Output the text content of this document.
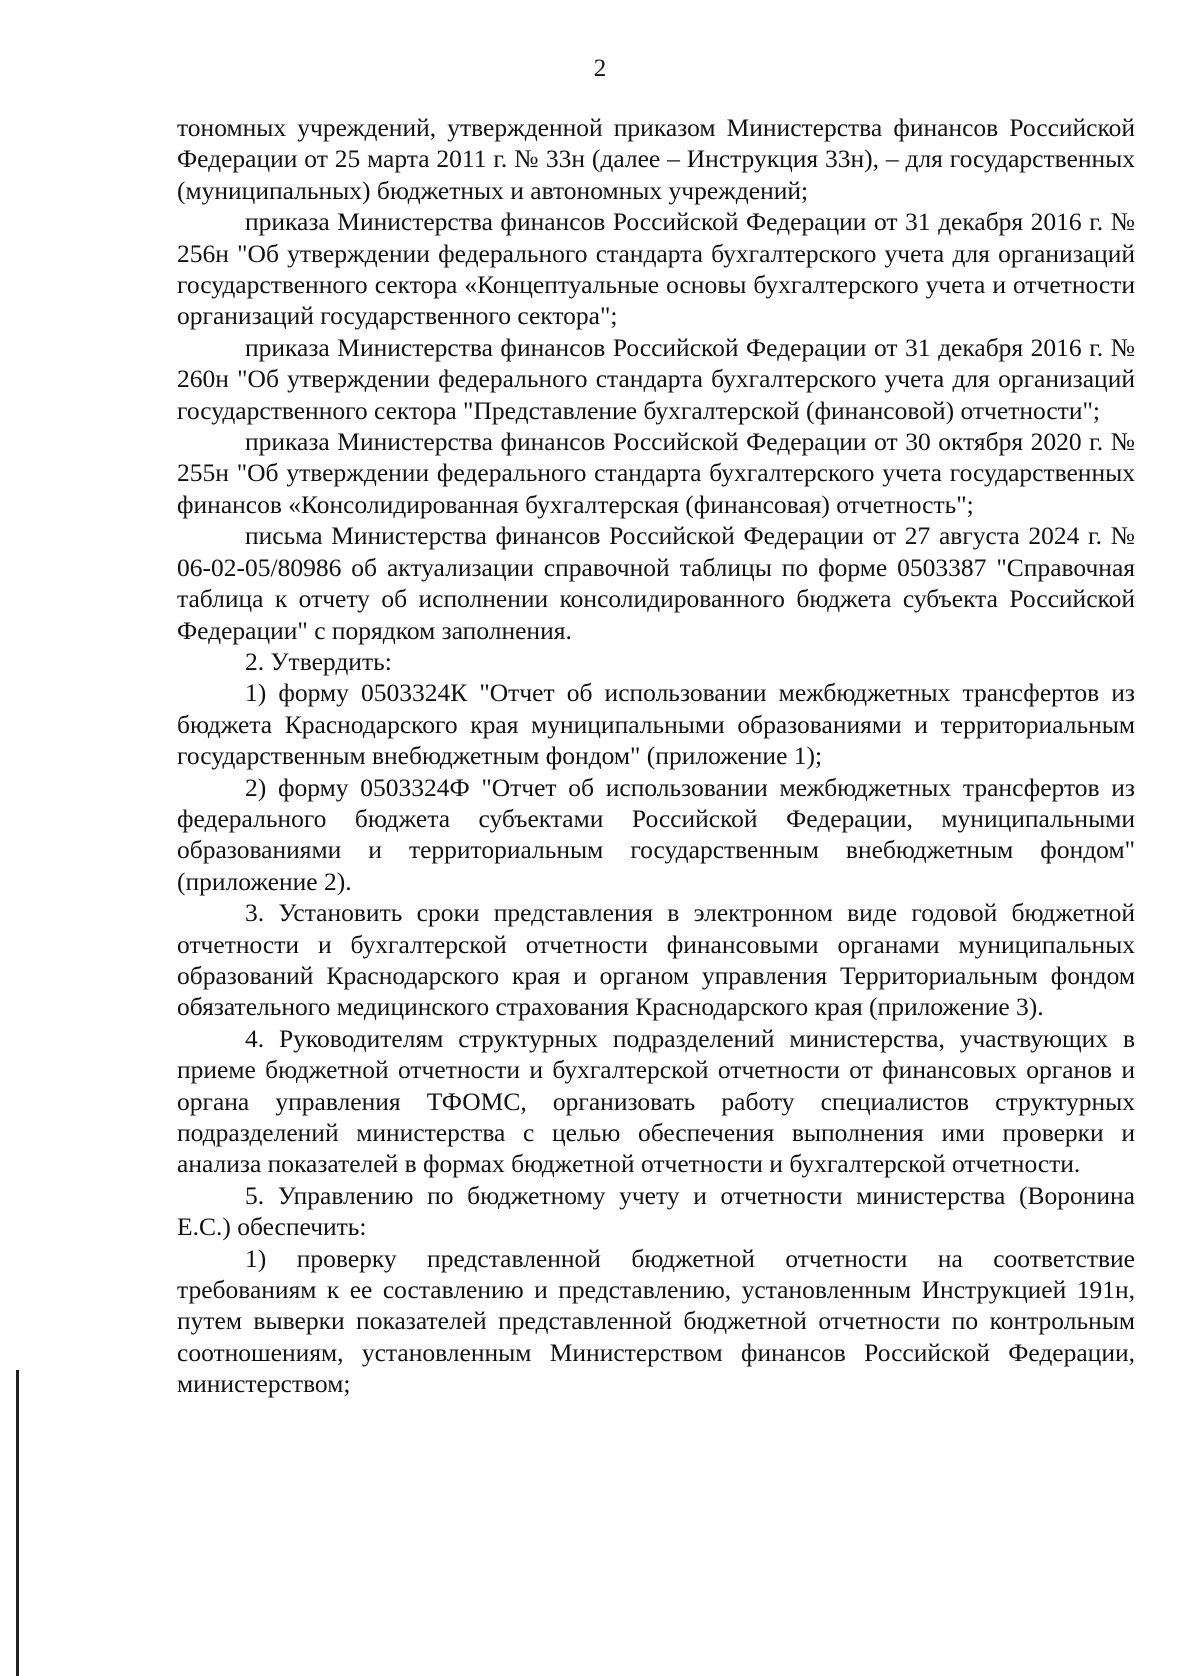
2

тономных учреждений, утвержденной приказом Министерства финансов Российской Федерации от 25 марта 2011 г. № 33н (далее – Инструкция 33н), – для государственных (муниципальных) бюджетных и автономных учреждений;

приказа Министерства финансов Российской Федерации от 31 декабря 2016 г. № 256н "Об утверждении федерального стандарта бухгалтерского учета для организаций государственного сектора «Концептуальные основы бухгалтерского учета и отчетности организаций государственного сектора";

приказа Министерства финансов Российской Федерации от 31 декабря 2016 г. № 260н "Об утверждении федерального стандарта бухгалтерского учета для организаций государственного сектора "Представление бухгалтерской (финансовой) отчетности";

приказа Министерства финансов Российской Федерации от 30 октября 2020 г. № 255н "Об утверждении федерального стандарта бухгалтерского учета государственных финансов «Консолидированная бухгалтерская (финансовая) отчетность";

письма Министерства финансов Российской Федерации от 27 августа 2024 г. № 06-02-05/80986 об актуализации справочной таблицы по форме 0503387 "Справочная таблица к отчету об исполнении консолидированного бюджета субъекта Российской Федерации" с порядком заполнения.

2. Утвердить:

1) форму 0503324К "Отчет об использовании межбюджетных трансфертов из бюджета Краснодарского края муниципальными образованиями и территориальным государственным внебюджетным фондом" (приложение 1);

2) форму 0503324Ф "Отчет об использовании межбюджетных трансфертов из федерального бюджета субъектами Российской Федерации, муниципальными образованиями и территориальным государственным внебюджетным фондом" (приложение 2).

3. Установить сроки представления в электронном виде годовой бюджетной отчетности и бухгалтерской отчетности финансовыми органами муниципальных образований Краснодарского края и органом управления Территориальным фондом обязательного медицинского страхования Краснодарского края (приложение 3).

4. Руководителям структурных подразделений министерства, участвующих в приеме бюджетной отчетности и бухгалтерской отчетности от финансовых органов и органа управления ТФОМС, организовать работу специалистов структурных подразделений министерства с целью обеспечения выполнения ими проверки и анализа показателей в формах бюджетной отчетности и бухгалтерской отчетности.

5. Управлению по бюджетному учету и отчетности министерства (Воронина Е.С.) обеспечить:

1) проверку представленной бюджетной отчетности на соответствие требованиям к ее составлению и представлению, установленным Инструкцией 191н, путем выверки показателей представленной бюджетной отчетности по контрольным соотношениям, установленным Министерством финансов Российской Федерации, министерством;
